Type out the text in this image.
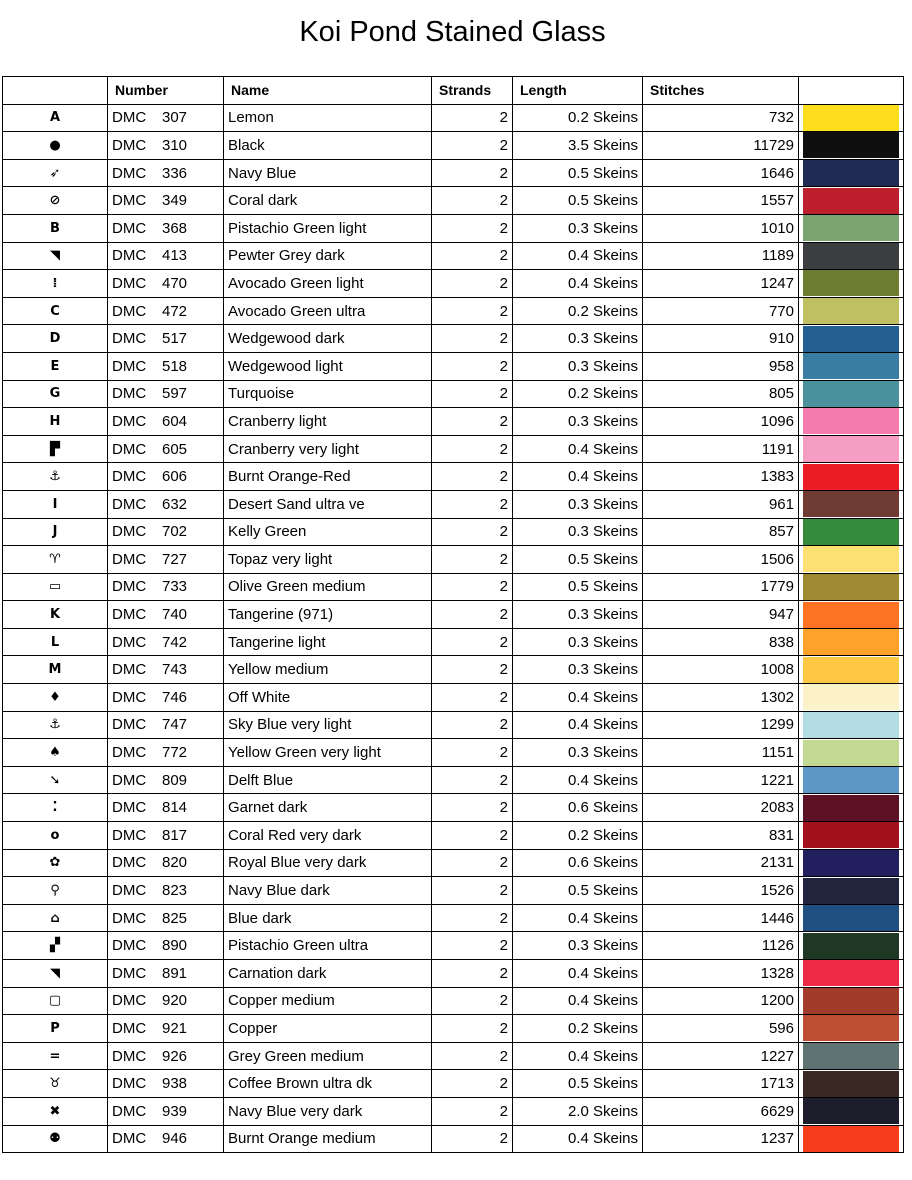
Koi Pond Stained Glass
	Number	Name	Strands	Length	Stitches	
A	DMC 307	Lemon	2	0.2 Skeins	732	

●	DMC 310	Black	2	3.5 Skeins	11729	

➶	DMC 336	Navy Blue	2	0.5 Skeins	1646	

⊘	DMC 349	Coral dark	2	0.5 Skeins	1557	

B	DMC 368	Pistachio Green light	2	0.3 Skeins	1010	

◥	DMC 413	Pewter Grey dark	2	0.4 Skeins	1189	

⁞	DMC 470	Avocado Green light	2	0.4 Skeins	1247	

C	DMC 472	Avocado Green ultra	2	0.2 Skeins	770	

D	DMC 517	Wedgewood dark	2	0.3 Skeins	910	

E	DMC 518	Wedgewood light	2	0.3 Skeins	958	

G	DMC 597	Turquoise	2	0.2 Skeins	805	

H	DMC 604	Cranberry light	2	0.3 Skeins	1096	

▛	DMC 605	Cranberry very light	2	0.4 Skeins	1191	

⚓	DMC 606	Burnt Orange-Red	2	0.4 Skeins	1383	

I	DMC 632	Desert Sand ultra ve	2	0.3 Skeins	961	

J	DMC 702	Kelly Green	2	0.3 Skeins	857	

♈	DMC 727	Topaz very light	2	0.5 Skeins	1506	

▭	DMC 733	Olive Green medium	2	0.5 Skeins	1779	

K	DMC 740	Tangerine (971)	2	0.3 Skeins	947	

L	DMC 742	Tangerine light	2	0.3 Skeins	838	

M	DMC 743	Yellow medium	2	0.3 Skeins	1008	

♦	DMC 746	Off White	2	0.4 Skeins	1302	

⚓	DMC 747	Sky Blue very light	2	0.4 Skeins	1299	

♠	DMC 772	Yellow Green very light	2	0.3 Skeins	1151	

➘	DMC 809	Delft Blue	2	0.4 Skeins	1221	

⁚	DMC 814	Garnet dark	2	0.6 Skeins	2083	

o	DMC 817	Coral Red very dark	2	0.2 Skeins	831	

✿	DMC 820	Royal Blue very dark	2	0.6 Skeins	2131	

⚲	DMC 823	Navy Blue dark	2	0.5 Skeins	1526	

⌂	DMC 825	Blue dark	2	0.4 Skeins	1446	

▞	DMC 890	Pistachio Green ultra	2	0.3 Skeins	1126	

◥	DMC 891	Carnation dark	2	0.4 Skeins	1328	

▢	DMC 920	Copper medium	2	0.4 Skeins	1200	

P	DMC 921	Copper	2	0.2 Skeins	596	

=	DMC 926	Grey Green medium	2	0.4 Skeins	1227	

♉	DMC 938	Coffee Brown ultra dk	2	0.5 Skeins	1713	

✖	DMC 939	Navy Blue very dark	2	2.0 Skeins	6629	

⚉	DMC 946	Burnt Orange medium	2	0.4 Skeins	1237	
